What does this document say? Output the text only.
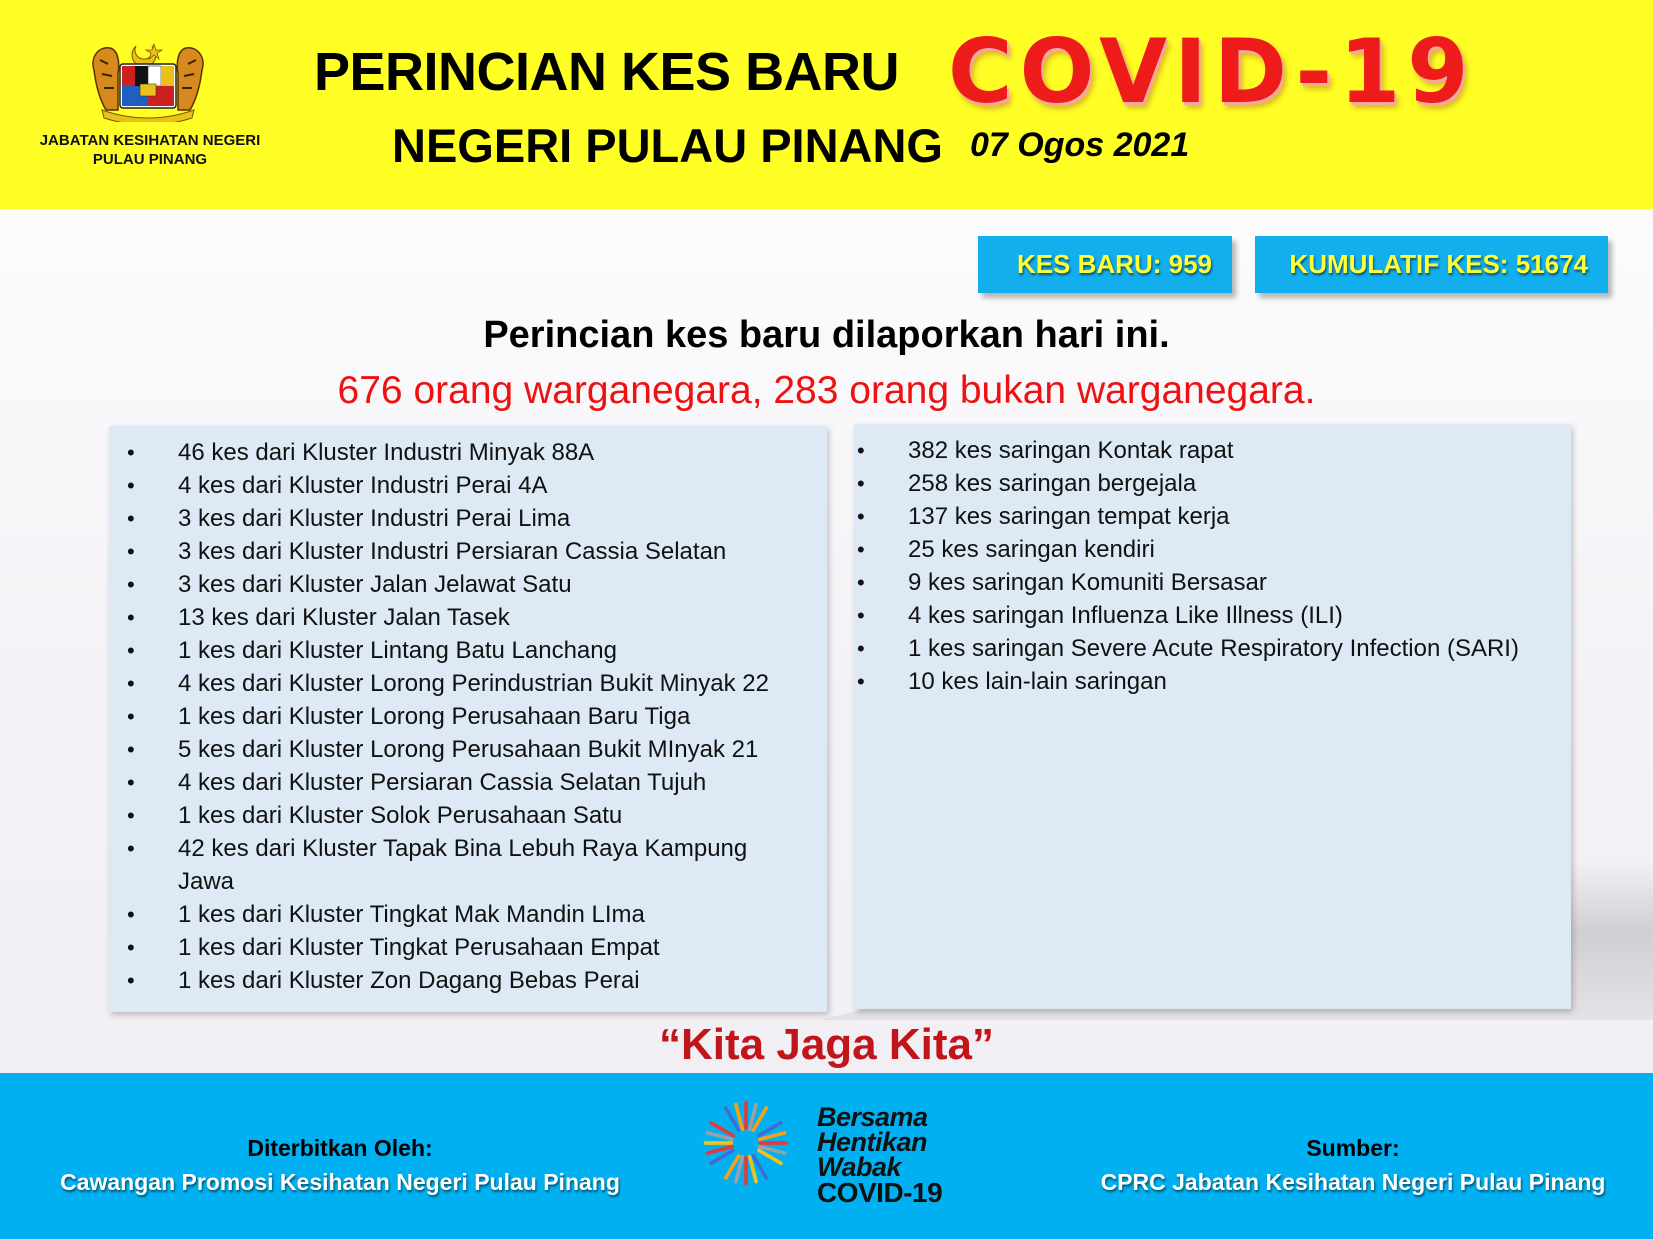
JABATAN KESIHATAN NEGERI
PULAU PINANG
PERINCIAN KES BARU COVID-19
NEGERI PULAU PINANG 07 Ogos 2021
KES BARU: 959	KUMULATIF KES: 51674
Perincian kes baru dilaporkan hari ini.
676 orang warganegara, 283 orang bukan warganegara.
• 46 kes dari Kluster Industri Minyak 88A
• 4 kes dari Kluster Industri Perai 4A
• 3 kes dari Kluster Industri Perai Lima
• 3 kes dari Kluster Industri Persiaran Cassia Selatan
• 3 kes dari Kluster Jalan Jelawat Satu
• 13 kes dari Kluster Jalan Tasek
• 1 kes dari Kluster Lintang Batu Lanchang
• 4 kes dari Kluster Lorong Perindustrian Bukit Minyak 22
• 1 kes dari Kluster Lorong Perusahaan Baru Tiga
• 5 kes dari Kluster Lorong Perusahaan Bukit MInyak 21
• 4 kes dari Kluster Persiaran Cassia Selatan Tujuh
• 1 kes dari Kluster Solok Perusahaan Satu
• 42 kes dari Kluster Tapak Bina Lebuh Raya Kampung Jawa
• 1 kes dari Kluster Tingkat Mak Mandin LIma
• 1 kes dari Kluster Tingkat Perusahaan Empat
• 1 kes dari Kluster Zon Dagang Bebas Perai
• 382 kes saringan Kontak rapat
• 258 kes saringan bergejala
• 137 kes saringan tempat kerja
• 25 kes saringan kendiri
• 9 kes saringan Komuniti Bersasar
• 4 kes saringan Influenza Like Illness (ILI)
• 1 kes saringan Severe Acute Respiratory Infection (SARI)
• 10 kes lain-lain saringan
“Kita Jaga Kita”
Diterbitkan Oleh:
Cawangan Promosi Kesihatan Negeri Pulau Pinang
Bersama
Hentikan
Wabak
COVID-19
Sumber:
CPRC Jabatan Kesihatan Negeri Pulau Pinang
